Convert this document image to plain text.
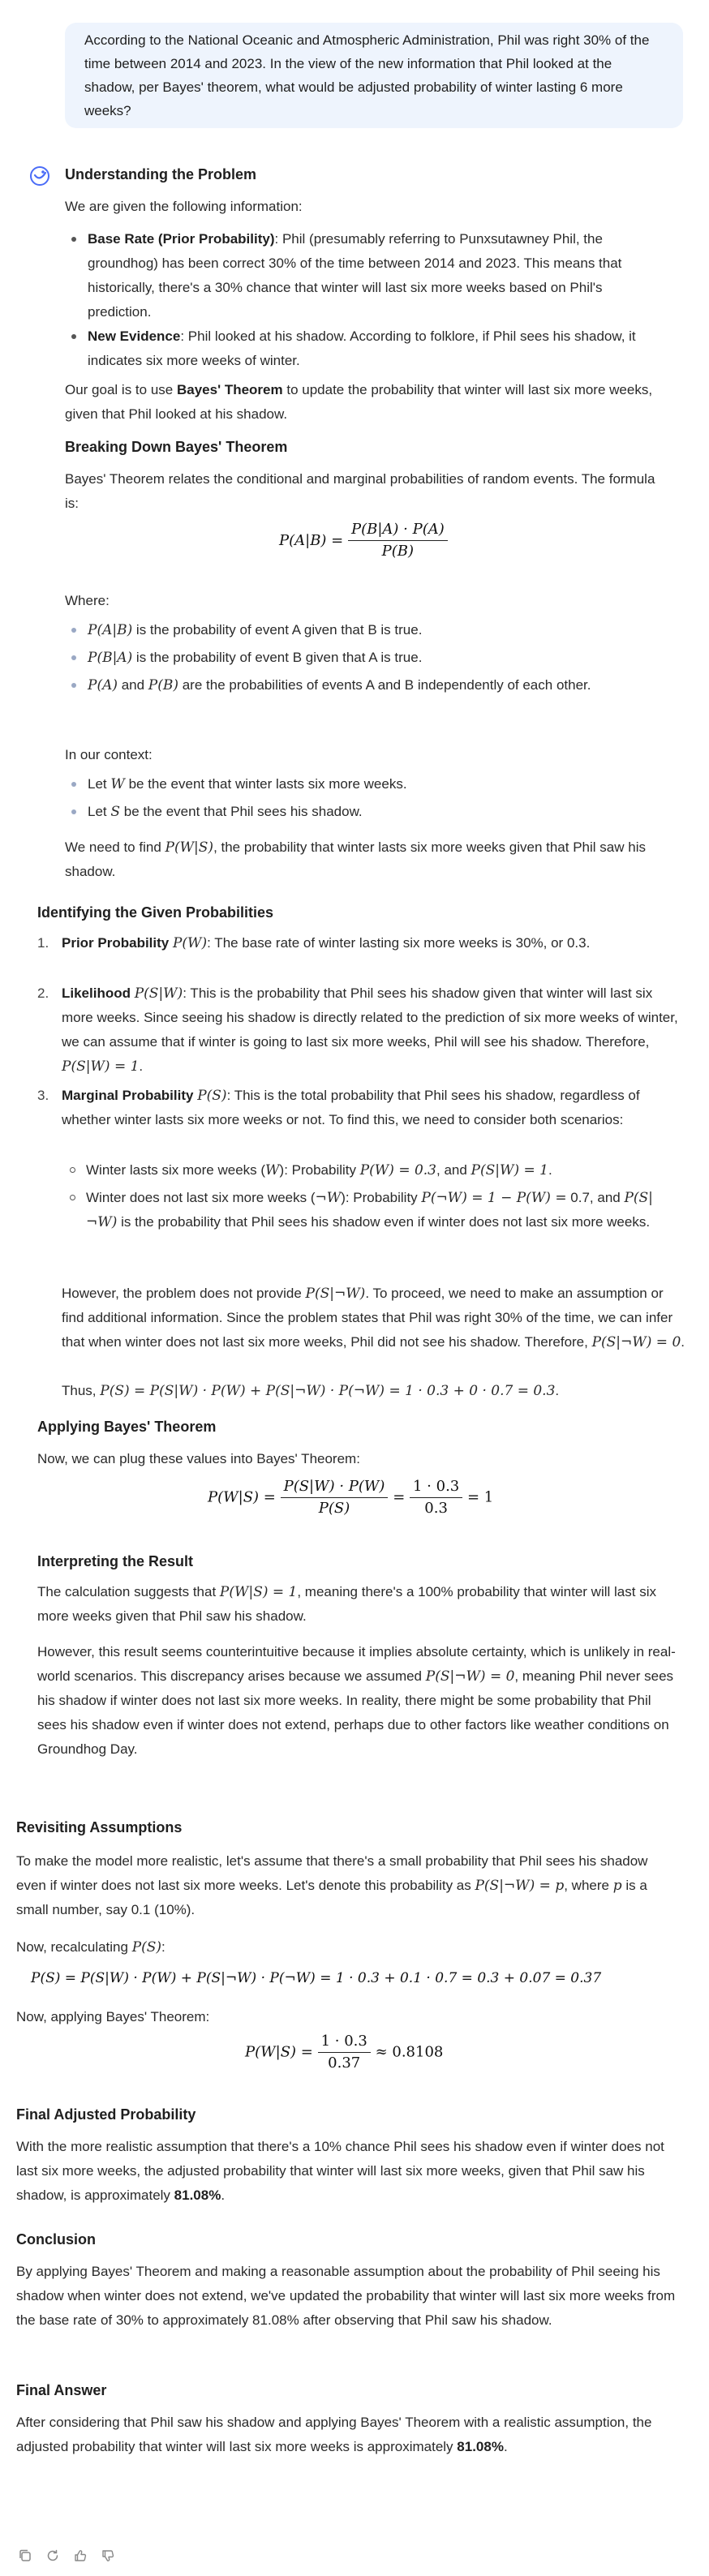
According to the National Oceanic and Atmospheric Administration, Phil was right 30% of the time between 2014 and 2023. In the view of the new information that Phil looked at the shadow, per Bayes' theorem, what would be adjusted probability of winter lasting 6 more weeks?
Understanding the Problem
We are given the following information:
Base Rate (Prior Probability): Phil (presumably referring to Punxsutawney Phil, the groundhog) has been correct 30% of the time between 2014 and 2023. This means that historically, there's a 30% chance that winter will last six more weeks based on Phil's prediction.
New Evidence: Phil looked at his shadow. According to folklore, if Phil sees his shadow, it indicates six more weeks of winter.
Our goal is to use Bayes' Theorem to update the probability that winter will last six more weeks, given that Phil looked at his shadow.
Breaking Down Bayes' Theorem
Bayes' Theorem relates the conditional and marginal probabilities of random events. The formula is:
$P(A|B) = \frac{P(B|A) \cdot P(A)}{P(B)}$
Where:
P(A|B) is the probability of event A given that B is true.
P(B|A) is the probability of event B given that A is true.
P(A) and P(B) are the probabilities of events A and B independently of each other.
In our context:
Let W be the event that winter lasts six more weeks.
Let S be the event that Phil sees his shadow.
We need to find P(W|S), the probability that winter lasts six more weeks given that Phil saw his shadow.
Identifying the Given Probabilities
1. Prior Probability P(W): The base rate of winter lasting six more weeks is 30%, or 0.3.
2. Likelihood P(S|W): This is the probability that Phil sees his shadow given that winter will last six more weeks. Since seeing his shadow is directly related to the prediction of six more weeks of winter, we can assume that if winter is going to last six more weeks, Phil will see his shadow. Therefore, P(S|W) = 1.
3. Marginal Probability P(S): This is the total probability that Phil sees his shadow, regardless of whether winter lasts six more weeks or not. To find this, we need to consider both scenarios:
Winter lasts six more weeks (W): Probability P(W) = 0.3, and P(S|W) = 1.
Winter does not last six more weeks (¬W): Probability P(¬W) = 1 − P(W) = 0.7, and P(S|¬W) is the probability that Phil sees his shadow even if winter does not last six more weeks.
However, the problem does not provide P(S|¬W). To proceed, we need to make an assumption or find additional information. Since the problem states that Phil was right 30% of the time, we can infer that when winter does not last six more weeks, Phil did not see his shadow. Therefore, P(S|¬W) = 0.
Thus, P(S) = P(S|W) · P(W) + P(S|¬W) · P(¬W) = 1 · 0.3 + 0 · 0.7 = 0.3.
Applying Bayes' Theorem
Now, we can plug these values into Bayes' Theorem:
$P(W|S) = \frac{P(S|W) \cdot P(W)}{P(S)} = \frac{1 \cdot 0.3}{0.3} = 1$
Interpreting the Result
The calculation suggests that P(W|S) = 1, meaning there's a 100% probability that winter will last six more weeks given that Phil saw his shadow.
However, this result seems counterintuitive because it implies absolute certainty, which is unlikely in real-world scenarios. This discrepancy arises because we assumed P(S|¬W) = 0, meaning Phil never sees his shadow if winter does not last six more weeks. In reality, there might be some probability that Phil sees his shadow even if winter does not extend, perhaps due to other factors like weather conditions on Groundhog Day.
Revisiting Assumptions
To make the model more realistic, let's assume that there's a small probability that Phil sees his shadow even if winter does not last six more weeks. Let's denote this probability as P(S|¬W) = p, where p is a small number, say 0.1 (10%).
Now, recalculating P(S):
P(S) = P(S|W) · P(W) + P(S|¬W) · P(¬W) = 1 · 0.3 + 0.1 · 0.7 = 0.3 + 0.07 = 0.37
Now, applying Bayes' Theorem:
$P(W|S) = \frac{1 \cdot 0.3}{0.37} \approx 0.8108$
Final Adjusted Probability
With the more realistic assumption that there's a 10% chance Phil sees his shadow even if winter does not last six more weeks, the adjusted probability that winter will last six more weeks, given that Phil saw his shadow, is approximately 81.08%.
Conclusion
By applying Bayes' Theorem and making a reasonable assumption about the probability of Phil seeing his shadow when winter does not extend, we've updated the probability that winter will last six more weeks from the base rate of 30% to approximately 81.08% after observing that Phil saw his shadow.
Final Answer
After considering that Phil saw his shadow and applying Bayes' Theorem with a realistic assumption, the adjusted probability that winter will last six more weeks is approximately 81.08%.
